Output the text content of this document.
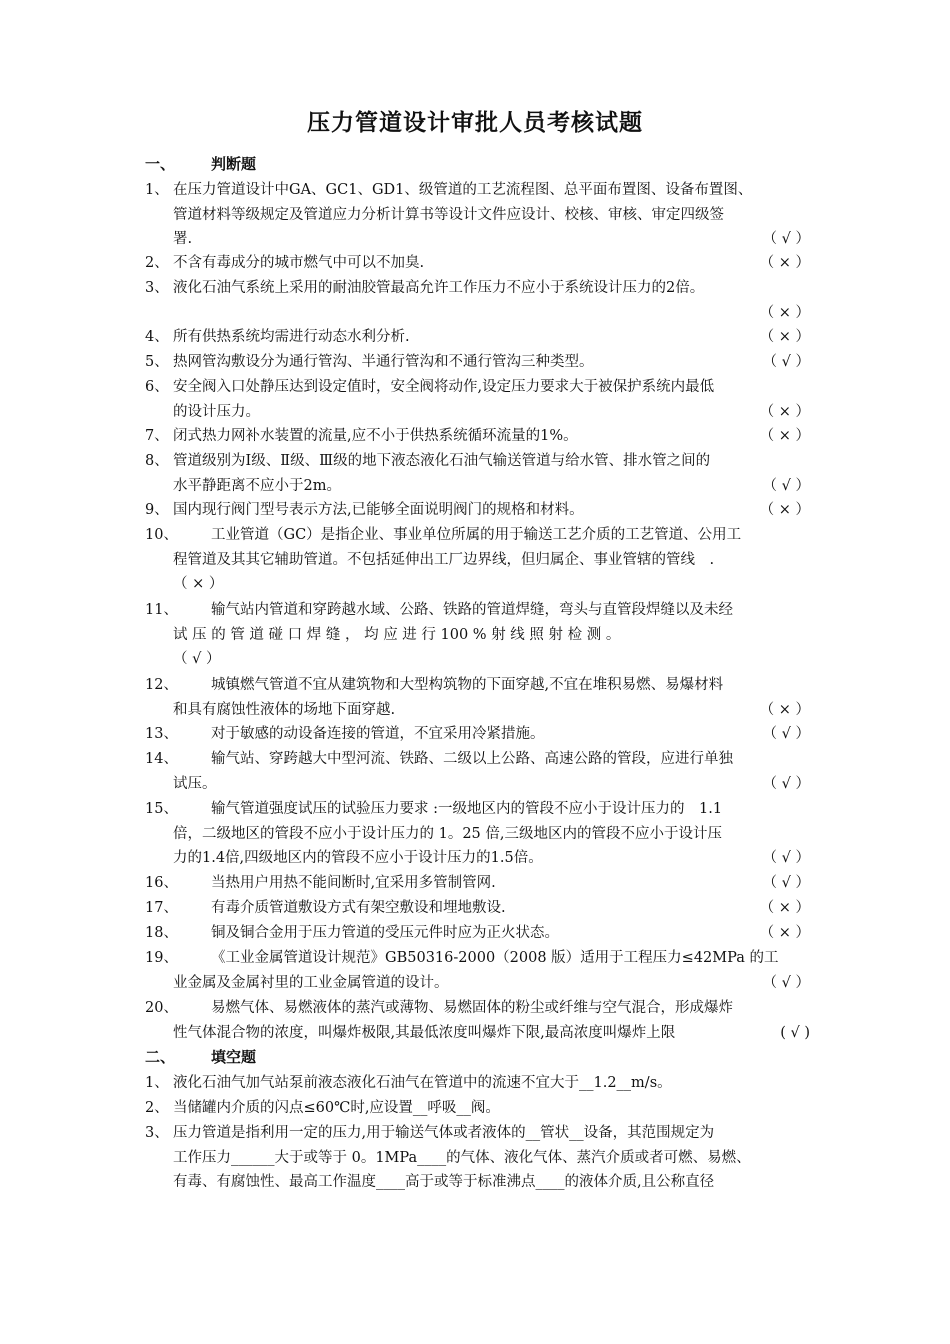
压力管道设计审批人员考核试题
一、 判断题
1、 在压力管道设计中GA、GC1、GD1、级管道的工艺流程图、总平面布置图、设备布置图、
管道材料等级规定及管道应力分析计算书等设计文件应设计、校核、审核、审定四级签
署.	（ √ ）
2、 不含有毒成分的城市燃气中可以不加臭.	（ × ）
3、 液化石油气系统上采用的耐油胶管最高允许工作压力不应小于系统设计压力的2倍。
（ × ）
4、 所有供热系统均需进行动态水利分析.	（ × ）
5、 热网管沟敷设分为通行管沟、半通行管沟和不通行管沟三种类型。	（ √ ）
6、 安全阀入口处静压达到设定值时，安全阀将动作,设定压力要求大于被保护系统内最低
的设计压力。	（ × ）
7、 闭式热力网补水装置的流量,应不小于供热系统循环流量的1%。	（ × ）
8、 管道级别为Ⅰ级、Ⅱ级、Ⅲ级的地下液态液化石油气输送管道与给水管、排水管之间的
水平静距离不应小于2m。	（ √ ）
9、 国内现行阀门型号表示方法,已能够全面说明阀门的规格和材料。	（ × ）
10、	工业管道（GC）是指企业、事业单位所属的用于输送工艺介质的工艺管道、公用工
程管道及其其它辅助管道。不包括延伸出工厂边界线，但归属企、事业管辖的管线　.
（ × ）
11、	输气站内管道和穿跨越水域、公路、铁路的管道焊缝，弯头与直管段焊缝以及未经
试 压 的 管 道 碰 口 焊 缝 ， 均 应 进 行 100 % 射 线 照 射 检 测 。
（ √ ）
12、	城镇燃气管道不宜从建筑物和大型构筑物的下面穿越,不宜在堆积易燃、易爆材料
和具有腐蚀性液体的场地下面穿越.	（ × ）
13、	对于敏感的动设备连接的管道，不宜采用冷紧措施。	（ √ ）
14、	输气站、穿跨越大中型河流、铁路、二级以上公路、高速公路的管段，应进行单独
试压。	（ √ ）
15、	输气管道强度试压的试验压力要求 :一级地区内的管段不应小于设计压力的　1.1
倍，二级地区的管段不应小于设计压力的 1。25 倍,三级地区内的管段不应小于设计压
力的1.4倍,四级地区内的管段不应小于设计压力的1.5倍。	（ √ ）
16、	当热用户用热不能间断时,宜采用多管制管网.	（ √ ）
17、	有毒介质管道敷设方式有架空敷设和埋地敷设.	（ × ）
18、	铜及铜合金用于压力管道的受压元件时应为正火状态。	（ × ）
19、	《工业金属管道设计规范》GB50316-2000（2008 版）适用于工程压力≤42MPa 的工
业金属及金属衬里的工业金属管道的设计。	（ √ ）
20、	易燃气体、易燃液体的蒸汽或薄物、易燃固体的粉尘或纤维与空气混合，形成爆炸
性气体混合物的浓度，叫爆炸极限,其最低浓度叫爆炸下限,最高浓度叫爆炸上限	( √ )
二、 填空题
1、 液化石油气加气站泵前液态液化石油气在管道中的流速不宜大于__1.2__m/s。
2、 当储罐内介质的闪点≤60℃时,应设置__呼吸__阀。
3、 压力管道是指利用一定的压力,用于输送气体或者液体的__管状__设备，其范围规定为
工作压力______大于或等于 0。1MPa____的气体、液化气体、蒸汽介质或者可燃、易燃、
有毒、有腐蚀性、最高工作温度____高于或等于标准沸点____的液体介质,且公称直径
